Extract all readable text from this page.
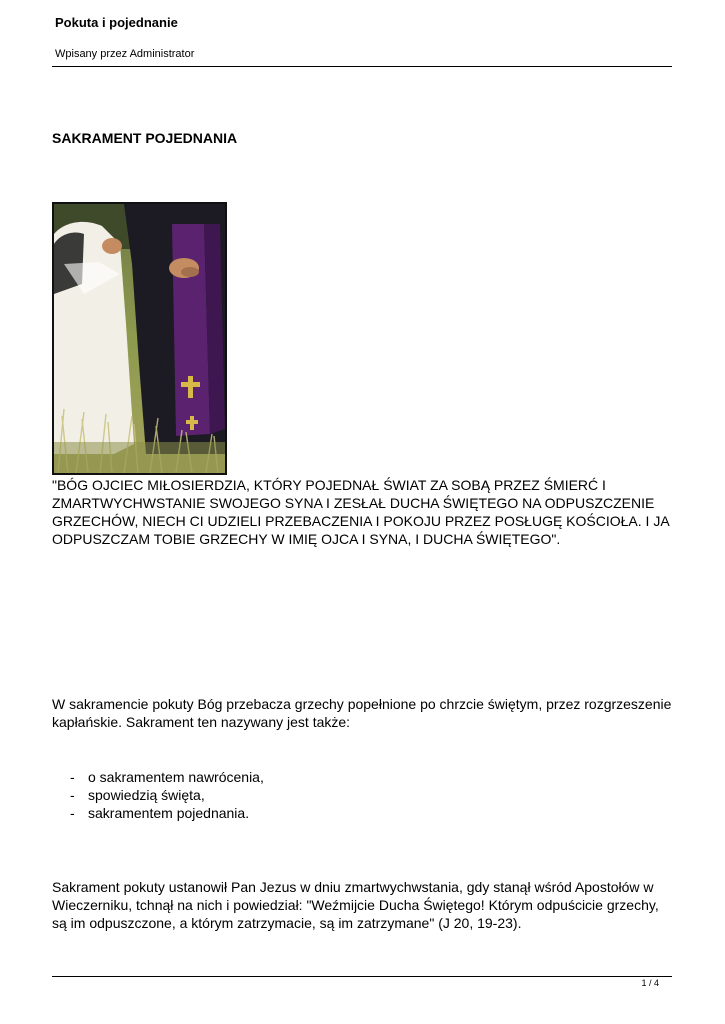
Pokuta i pojednanie
Wpisany przez Administrator
SAKRAMENT POJEDNANIA
"BÓG OJCIEC MIŁOSIERDZIA, KTÓRY POJEDNAŁ ŚWIAT ZA SOBĄ PRZEZ ŚMIERĆ I ZMARTWYCHWSTANIE SWOJEGO SYNA I ZESŁAŁ DUCHA ŚWIĘTEGO NA ODPUSZCZENIE GRZECHÓW, NIECH CI UDZIELI PRZEBACZENIA I POKOJU PRZEZ POSŁUGĘ KOŚCIOŁA. I JA ODPUSZCZAM TOBIE GRZECHY W IMIĘ OJCA I SYNA, I DUCHA ŚWIĘTEGO".
W sakramencie pokuty Bóg przebacza grzechy popełnione po chrzcie świętym, przez rozgrzeszenie kapłańskie. Sakrament ten nazywany jest także:
- o sakramentem nawrócenia,
- spowiedzią święta,
- sakramentem pojednania.
Sakrament pokuty ustanowił Pan Jezus w dniu zmartwychwstania, gdy stanął wśród Apostołów w Wieczerniku, tchnął na nich i powiedział: "Weźmijcie Ducha Świętego! Którym odpuścicie grzechy, są im odpuszczone, a którym zatrzymacie, są im zatrzymane" (J 20, 19-23).
1 / 4
